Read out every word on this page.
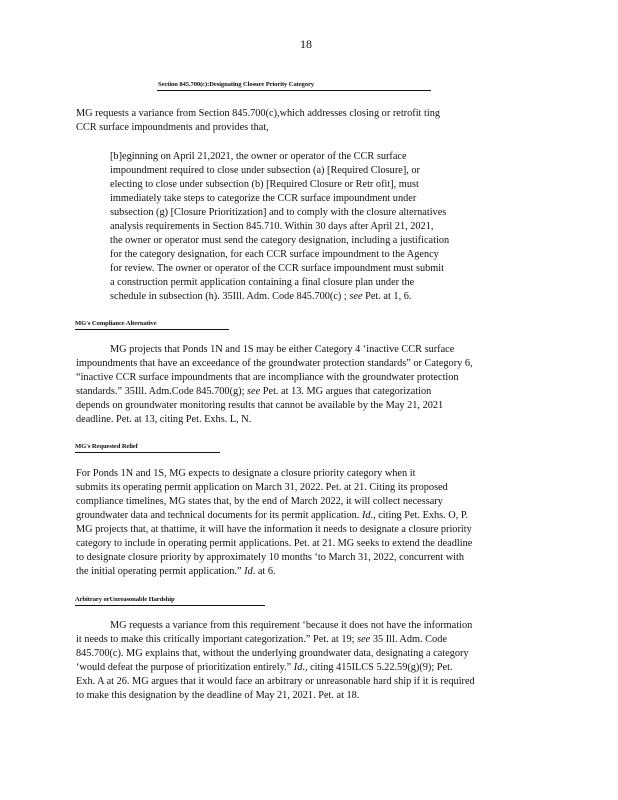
18
Section 845.700(c):Designating Closure Priority Category
MG requests a variance from Section 845.700(c),which addresses closing or retrofit ting
CCR surface impoundments and provides that,
[b]eginning on April 21,2021, the owner or operator of the CCR surface
impoundment required to close under subsection (a) [Required Closure], or
electing to close under subsection (b) [Required Closure or Retr ofit], must
immediately take steps to categorize the CCR surface impoundment under
subsection (g) [Closure Prioritization] and to comply with the closure alternatives
analysis requirements in Section 845.710. Within 30 days after April 21, 2021,
the owner or operator must send the category designation, including a justification
for the category designation, for each CCR surface impoundment to the Agency
for review. The owner or operator of the CCR surface impoundment must submit
a construction permit application containing a final closure plan under the
schedule in subsection (h). 35Ill. Adm. Code 845.700(c) ; see Pet. at 1, 6.
MG's Compliance Alternative
MG projects that Ponds 1N and 1S may be either Category 4 ‘inactive CCR surface
impoundments that have an exceedance of the groundwater protection standards” or Category 6,
“inactive CCR surface impoundments that are incompliance with the groundwater protection
standards.” 35Ill. Adm.Code 845.700(g); see Pet. at 13. MG argues that categorization
depends on groundwater monitoring results that cannot be available by the May 21, 2021
deadline. Pet. at 13, citing Pet. Exhs. L, N.
MG's Requested Relief
For Ponds 1N and 1S, MG expects to designate a closure priority category when it
submits its operating permit application on March 31, 2022. Pet. at 21. Citing its proposed
compliance timelines, MG states that, by the end of March 2022, it will collect necessary
groundwater data and technical documents for its permit application. Id., citing Pet. Exhs. O, P.
MG projects that, at thattime, it will have the information it needs to designate a closure priority
category to include in operating permit applications. Pet. at 21. MG seeks to extend the deadline
to designate closure priority by approximately 10 months ‘to March 31, 2022, concurrent with
the initial operating permit application.” Id. at 6.
Arbitrary orUnreasonable Hardship
MG requests a variance from this requirement ‘because it does not have the information
it needs to make this critically important categorization.” Pet. at 19; see 35 Ill. Adm. Code
845.700(c). MG explains that, without the underlying groundwater data, designating a category
‘would defeat the purpose of prioritization entirely.” Id., citing 415ILCS 5.22.59(g)(9); Pet.
Exh. A at 26. MG argues that it would face an arbitrary or unreasonable hard ship if it is required
to make this designation by the deadline of May 21, 2021. Pet. at 18.
